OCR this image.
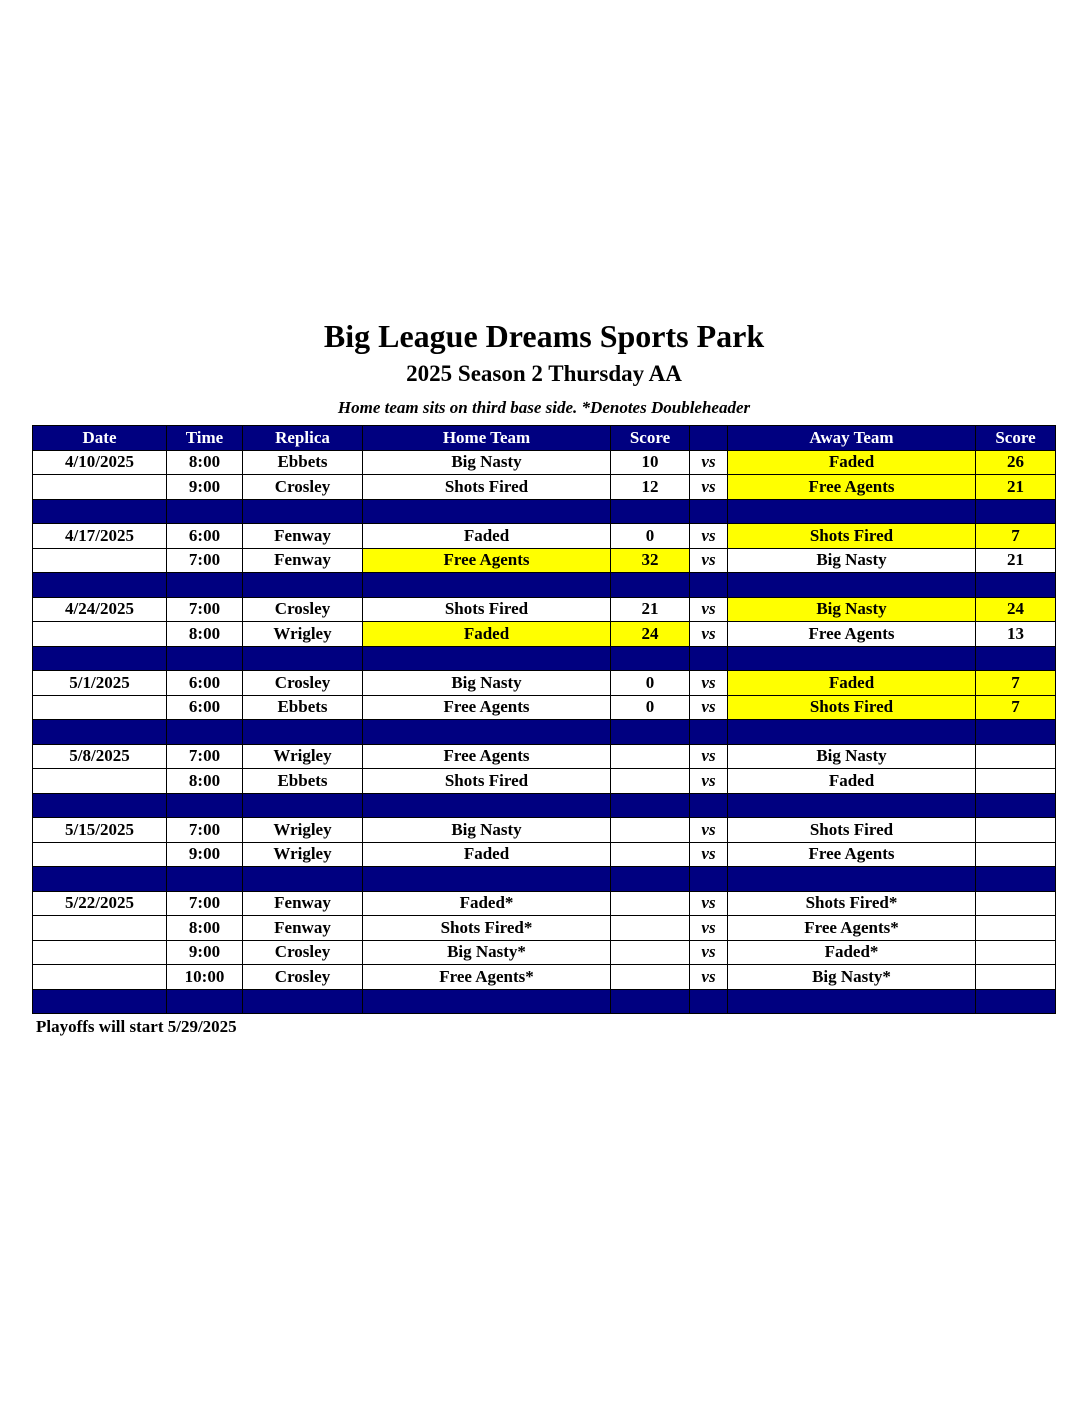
Big League Dreams Sports Park
2025 Season 2 Thursday AA
Home team sits on third base side. *Denotes Doubleheader
Date	Time	Replica	Home Team	Score		Away Team	Score
4/10/2025	8:00	Ebbets	Big Nasty	10	vs	Faded	26
	9:00	Crosley	Shots Fired	12	vs	Free Agents	21

4/17/2025	6:00	Fenway	Faded	0	vs	Shots Fired	7
	7:00	Fenway	Free Agents	32	vs	Big Nasty	21

4/24/2025	7:00	Crosley	Shots Fired	21	vs	Big Nasty	24
	8:00	Wrigley	Faded	24	vs	Free Agents	13

5/1/2025	6:00	Crosley	Big Nasty	0	vs	Faded	7
	6:00	Ebbets	Free Agents	0	vs	Shots Fired	7

5/8/2025	7:00	Wrigley	Free Agents		vs	Big Nasty	
	8:00	Ebbets	Shots Fired		vs	Faded	

5/15/2025	7:00	Wrigley	Big Nasty		vs	Shots Fired	
	9:00	Wrigley	Faded		vs	Free Agents	

5/22/2025	7:00	Fenway	Faded*		vs	Shots Fired*	
	8:00	Fenway	Shots Fired*		vs	Free Agents*	
	9:00	Crosley	Big Nasty*		vs	Faded*	
	10:00	Crosley	Free Agents*		vs	Big Nasty*	

Playoffs will start 5/29/2025
